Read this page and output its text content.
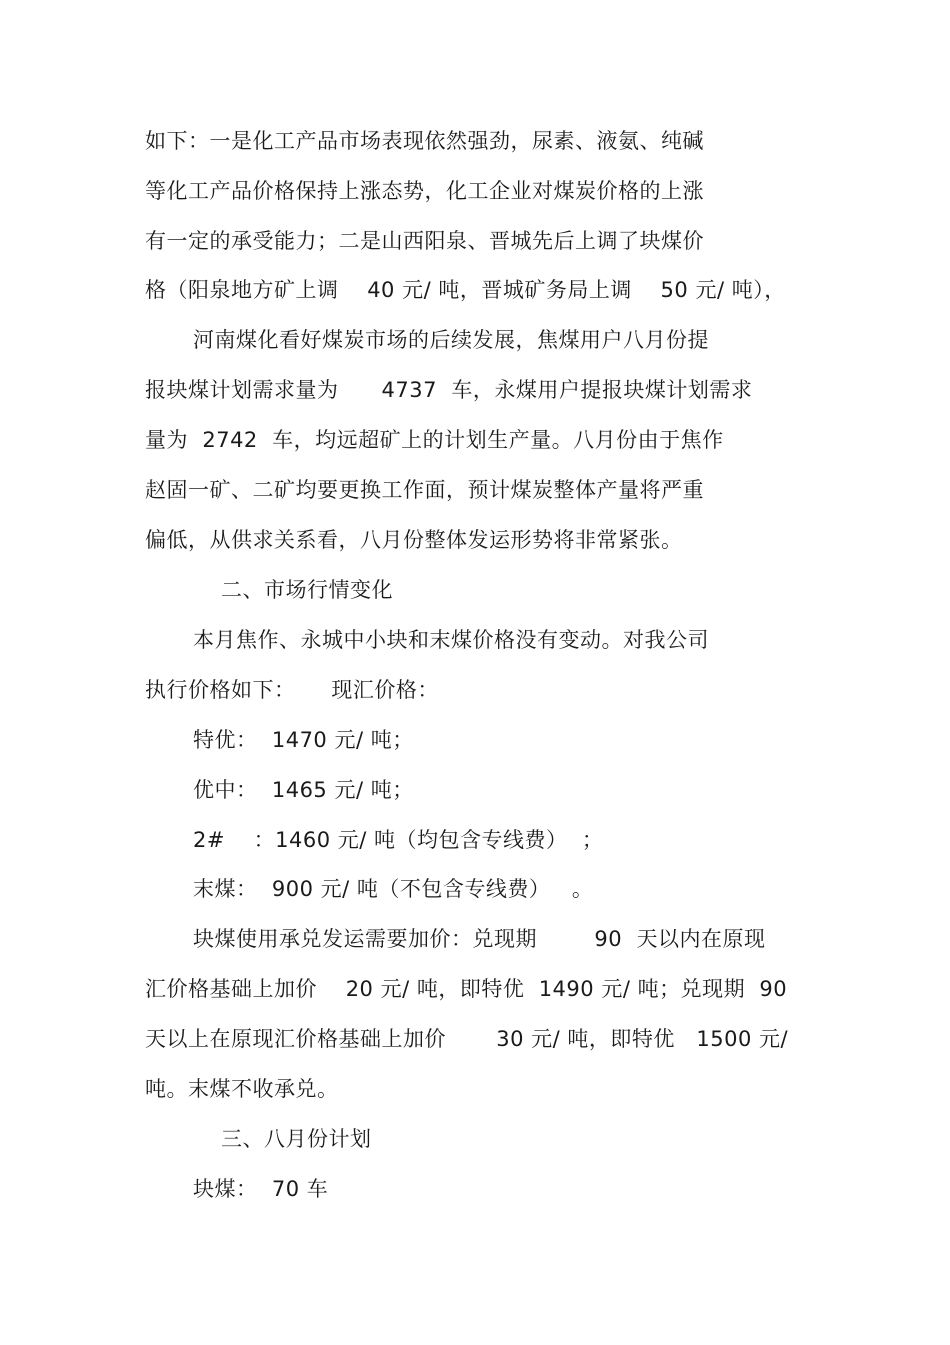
如下：一是化工产品市场表现依然强劲，尿素、液氨、纯碱
等化工产品价格保持上涨态势，化工企业对煤炭价格的上涨
有一定的承受能力；二是山西阳泉、晋城先后上调了块煤价
格（阳泉地方矿上调    40 元/ 吨，晋城矿务局上调    50 元/ 吨），
河南煤化看好煤炭市场的后续发展，焦煤用户八月份提
报块煤计划需求量为      4737  车，永煤用户提报块煤计划需求
量为  2742  车，均远超矿上的计划生产量。八月份由于焦作
赵固一矿、二矿均要更换工作面，预计煤炭整体产量将严重
偏低，从供求关系看，八月份整体发运形势将非常紧张。
二、市场行情变化
本月焦作、永城中小块和末煤价格没有变动。对我公司
执行价格如下：     现汇价格：
特优：  1470 元/ 吨；
优中：  1465 元/ 吨；
2#    ：1460 元/ 吨（均包含专线费）  ；
末煤：  900 元/ 吨（不包含专线费）   。
块煤使用承兑发运需要加价：兑现期        90  天以内在原现
汇价格基础上加价    20 元/ 吨，即特优  1490 元/ 吨；兑现期  90
天以上在原现汇价格基础上加价       30 元/ 吨，即特优   1500 元/
吨。末煤不收承兑。
三、八月份计划
块煤：  70 车
